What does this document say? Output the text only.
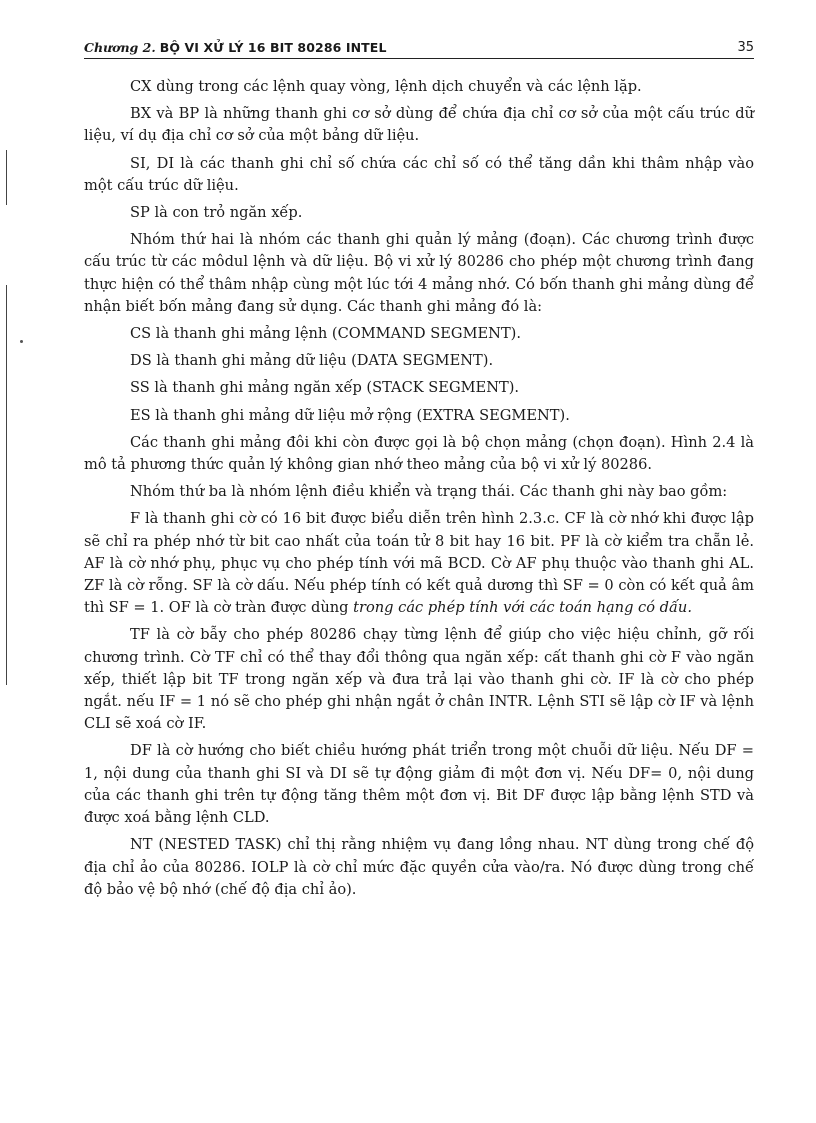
Chương 2. BỘ VI XỬ LÝ 16 BIT 80286 INTEL	35

CX dùng trong các lệnh quay vòng, lệnh dịch chuyển và các lệnh lặp.

BX và BP là những thanh ghi cơ sở dùng để chứa địa chỉ cơ sở của một cấu trúc dữ liệu, ví dụ địa chỉ cơ sở của một bảng dữ liệu.

SI, DI là các thanh ghi chỉ số chứa các chỉ số có thể tăng dần khi thâm nhập vào một cấu trúc dữ liệu.

SP là con trỏ ngăn xếp.

Nhóm thứ hai là nhóm các thanh ghi quản lý mảng (đoạn). Các chương trình được cấu trúc từ các môdul lệnh và dữ liệu. Bộ vi xử lý 80286 cho phép một chương trình đang thực hiện có thể thâm nhập cùng một lúc tới 4 mảng nhớ. Có bốn thanh ghi mảng dùng để nhận biết bốn mảng đang sử dụng. Các thanh ghi mảng đó là:

CS là thanh ghi mảng lệnh (COMMAND SEGMENT).

DS là thanh ghi mảng dữ liệu (DATA SEGMENT).

SS là thanh ghi mảng ngăn xếp (STACK SEGMENT).

ES là thanh ghi mảng dữ liệu mở rộng (EXTRA SEGMENT).

Các thanh ghi mảng đôi khi còn được gọi là bộ chọn mảng (chọn đoạn). Hình 2.4 là mô tả phương thức quản lý không gian nhớ theo mảng của bộ vi xử lý 80286.

Nhóm thứ ba là nhóm lệnh điều khiển và trạng thái. Các thanh ghi này bao gồm:

F là thanh ghi cờ có 16 bit được biểu diễn trên hình 2.3.c. CF là cờ nhớ khi được lập sẽ chỉ ra phép nhớ từ bit cao nhất của toán tử 8 bit hay 16 bit. PF là cờ kiểm tra chẵn lẻ. AF là cờ nhớ phụ, phục vụ cho phép tính với mã BCD. Cờ AF phụ thuộc vào thanh ghi AL. ZF là cờ rỗng. SF là cờ dấu. Nếu phép tính có kết quả dương thì SF = 0 còn có kết quả âm thì SF = 1. OF là cờ tràn được dùng trong các phép tính với các toán hạng có dấu.

TF là cờ bẫy cho phép 80286 chạy từng lệnh để giúp cho việc hiệu chỉnh, gỡ rối chương trình. Cờ TF chỉ có thể thay đổi thông qua ngăn xếp: cất thanh ghi cờ F vào ngăn xếp, thiết lập bit TF trong ngăn xếp và đưa trả lại vào thanh ghi cờ. IF là cờ cho phép ngắt. nếu IF = 1 nó sẽ cho phép ghi nhận ngắt ở chân INTR. Lệnh STI sẽ lập cờ IF và lệnh CLI sẽ xoá cờ IF.

DF là cờ hướng cho biết chiều hướng phát triển trong một chuỗi dữ liệu. Nếu DF = 1, nội dung của thanh ghi SI và DI sẽ tự động giảm đi một đơn vị. Nếu DF= 0, nội dung của các thanh ghi trên tự động tăng thêm một đơn vị. Bit DF được lập bằng lệnh STD và được xoá bằng lệnh CLD.

NT (NESTED TASK) chỉ thị rằng nhiệm vụ đang lồng nhau. NT dùng trong chế độ địa chỉ ảo của 80286. IOLP là cờ chỉ mức đặc quyền cửa vào/ra. Nó được dùng trong chế độ bảo vệ bộ nhớ (chế độ địa chỉ ảo).
